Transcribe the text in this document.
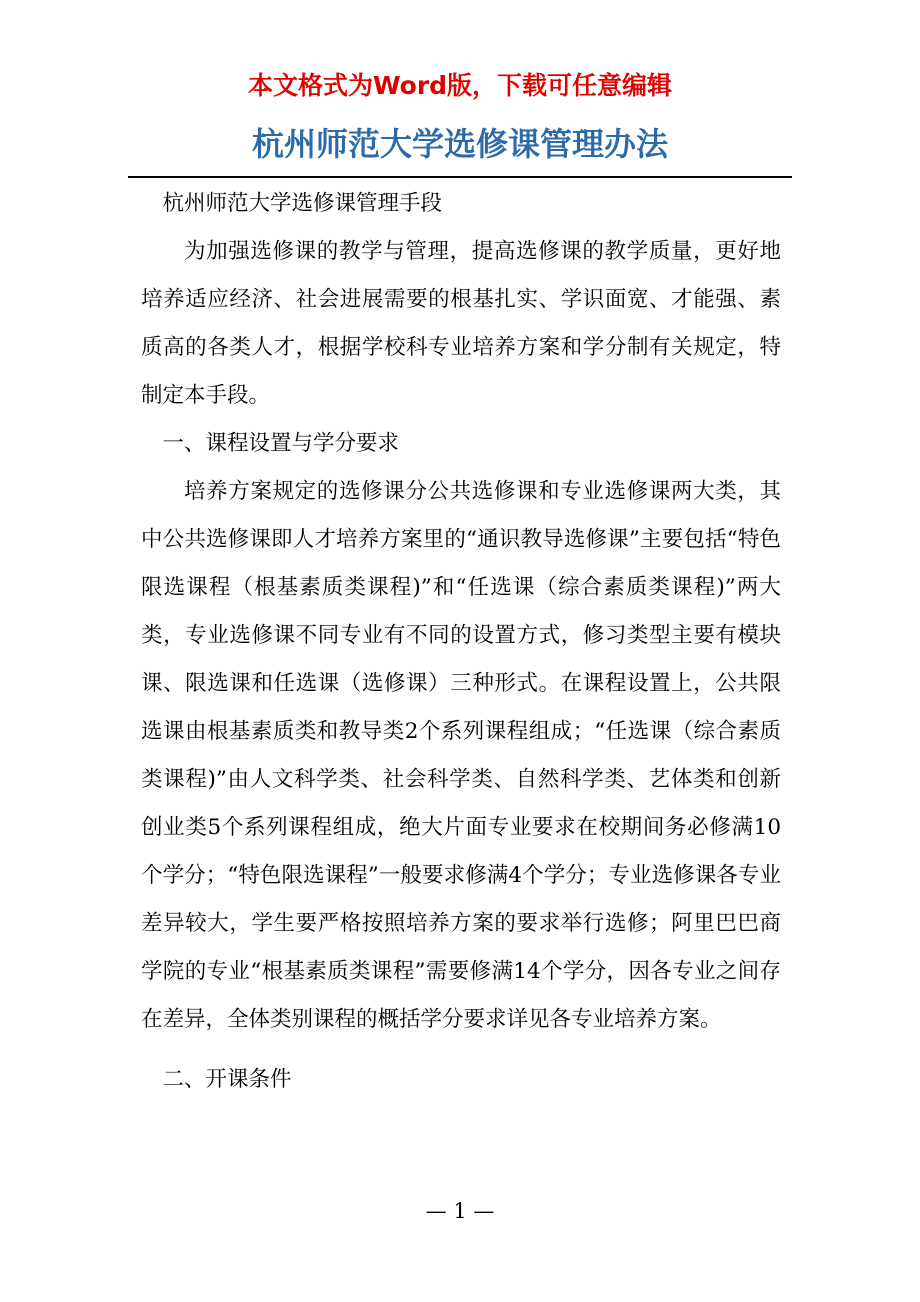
本文格式为Word版，下载可任意编辑
杭州师范大学选修课管理办法

杭州师范大学选修课管理手段

为加强选修课的教学与管理，提高选修课的教学质量，更好地培养适应经济、社会进展需要的根基扎实、学识面宽、才能强、素质高的各类人才，根据学校科专业培养方案和学分制有关规定，特制定本手段。

一、课程设置与学分要求

培养方案规定的选修课分公共选修课和专业选修课两大类，其中公共选修课即人才培养方案里的“通识教导选修课”主要包括“特色限选课程（根基素质类课程)”和“任选课（综合素质类课程)”两大类，专业选修课不同专业有不同的设置方式，修习类型主要有模块课、限选课和任选课（选修课）三种形式。在课程设置上，公共限选课由根基素质类和教导类2个系列课程组成；“任选课（综合素质类课程)”由人文科学类、社会科学类、自然科学类、艺体类和创新创业类5个系列课程组成，绝大片面专业要求在校期间务必修满10个学分；“特色限选课程”一般要求修满4个学分；专业选修课各专业差异较大，学生要严格按照培养方案的要求举行选修；阿里巴巴商学院的专业“根基素质类课程”需要修满14个学分，因各专业之间存在差异，全体类别课程的概括学分要求详见各专业培养方案。

二、开课条件

— 1 —
